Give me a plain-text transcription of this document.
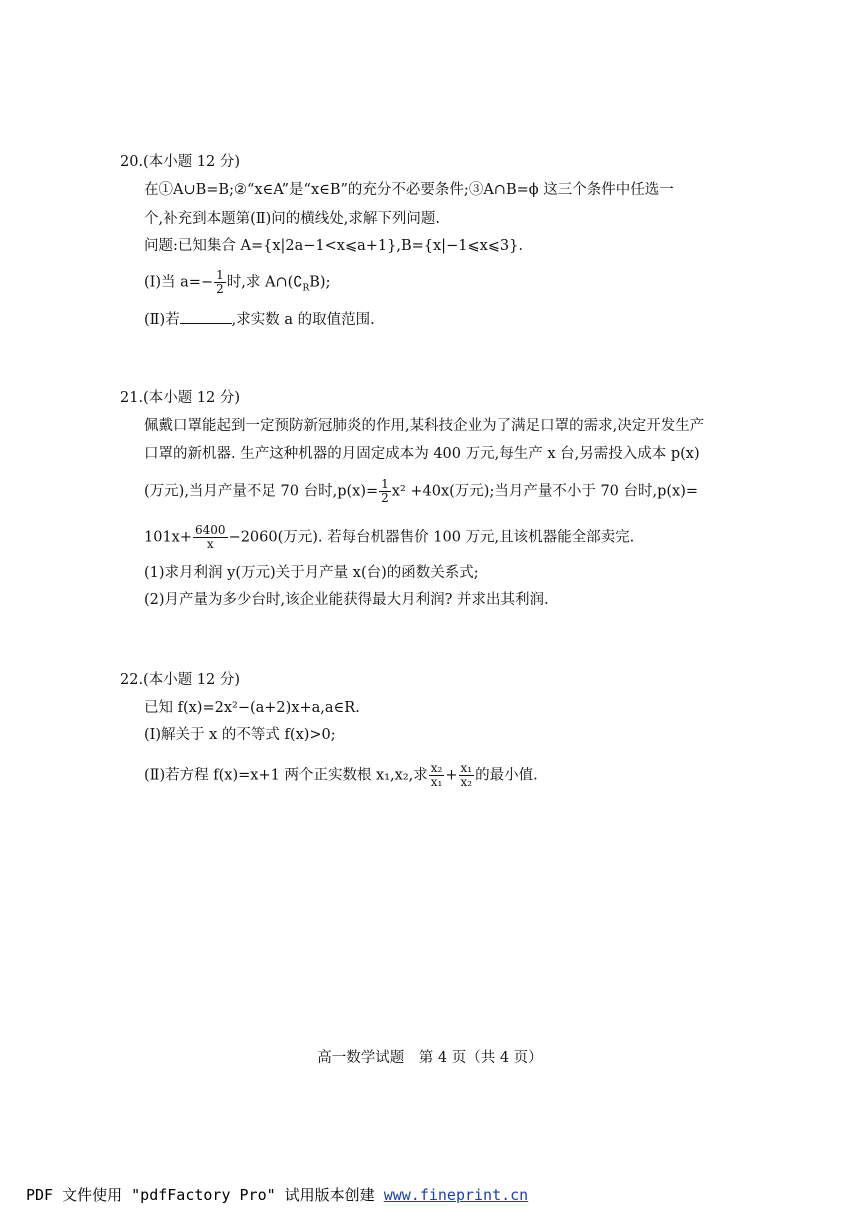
20.(本小题 12 分)
在①A∪B=B;②“x∈A”是“x∈B”的充分不必要条件;③A∩B=ϕ 这三个条件中任选一
个,补充到本题第(Ⅱ)问的横线处,求解下列问题.
问题:已知集合 A={x|2a−1<x⩽a+1},B={x|−1⩽x⩽3}.
(Ⅰ)当 $a=- \frac{1}{2}$ 时,求 $A\cap(∁_RB)$;
(Ⅱ)若	,求实数 a 的取值范围.
21.(本小题 12 分)
佩戴口罩能起到一定预防新冠肺炎的作用,某科技企业为了满足口罩的需求,决定开发生产
口罩的新机器. 生产这种机器的月固定成本为 400 万元,每生产 x 台,另需投入成本 p(x)
(万元),当月产量不足 70 台时$,p(x)= \frac{1}{2} x^2 +40x$(万元);当月产量不小于 70 台时,p(x)=
$101x+ \frac{6400}{x} -2060$(万元). 若每台机器售价 100 万元,且该机器能全部卖完.
(1)求月利润 y(万元)关于月产量 x(台)的函数关系式;
(2)月产量为多少台时,该企业能获得最大月利润? 并求出其利润.
22.(本小题 12 分)
已知 f(x)=2x²−(a+2)x+a,a∈R.
(Ⅰ)解关于 x 的不等式 f(x)>0;
(Ⅱ)若方程 f(x)=x+1 两个正实数根 x₁,x₂,求 $\frac{\text{x₂}}{\text{x₁}} + \frac{\text{x₁}}{\text{x₂}}$ 的最小值.
高一数学试题　第 4 页（共 4 页）
PDF 文件使用 "pdfFactory Pro" 试用版本创建 www.fineprint.cn
